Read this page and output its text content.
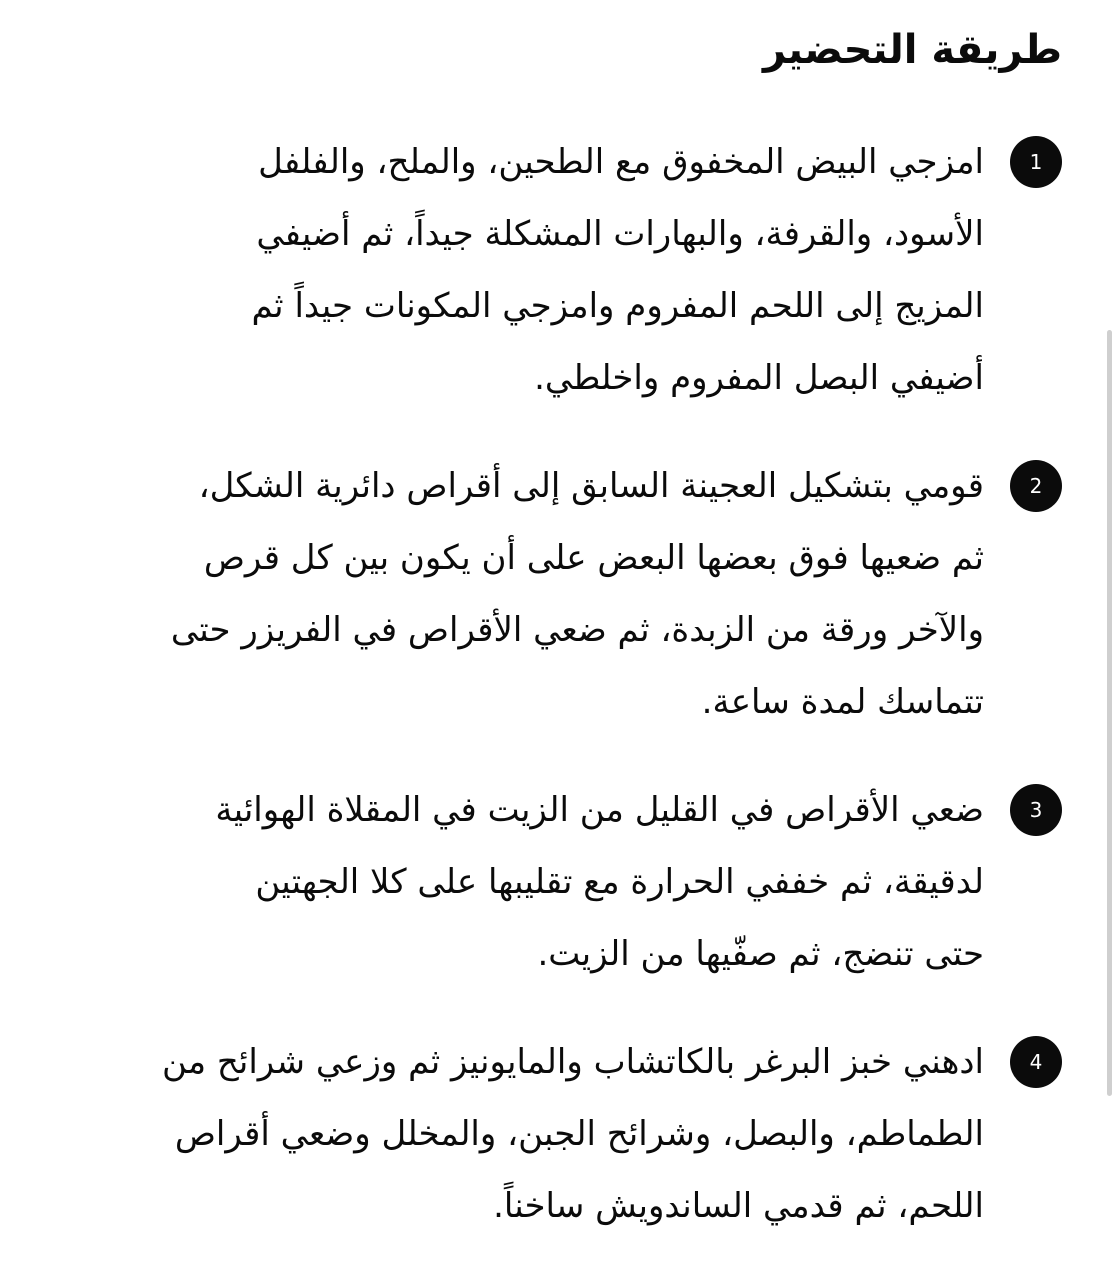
طريقة التحضير
1
امزجي البيض المخفوق مع الطحين، والملح، والفلفل
الأسود، والقرفة، والبهارات المشكلة جيداً، ثم أضيفي
المزيج إلى اللحم المفروم وامزجي المكونات جيداً ثم
أضيفي البصل المفروم واخلطي.
2
قومي بتشكيل العجينة السابق إلى أقراص دائرية الشكل،
ثم ضعيها فوق بعضها البعض على أن يكون بين كل قرص
والآخر ورقة من الزبدة، ثم ضعي الأقراص في الفريزر حتى
تتماسك لمدة ساعة.
3
ضعي الأقراص في القليل من الزيت في المقلاة الهوائية
لدقيقة، ثم خففي الحرارة مع تقليبها على كلا الجهتين
حتى تنضج، ثم صفّيها من الزيت.
4
ادهني خبز البرغر بالكاتشاب والمايونيز ثم وزعي شرائح من
الطماطم، والبصل، وشرائح الجبن، والمخلل وضعي أقراص
اللحم، ثم قدمي الساندويش ساخناً.
